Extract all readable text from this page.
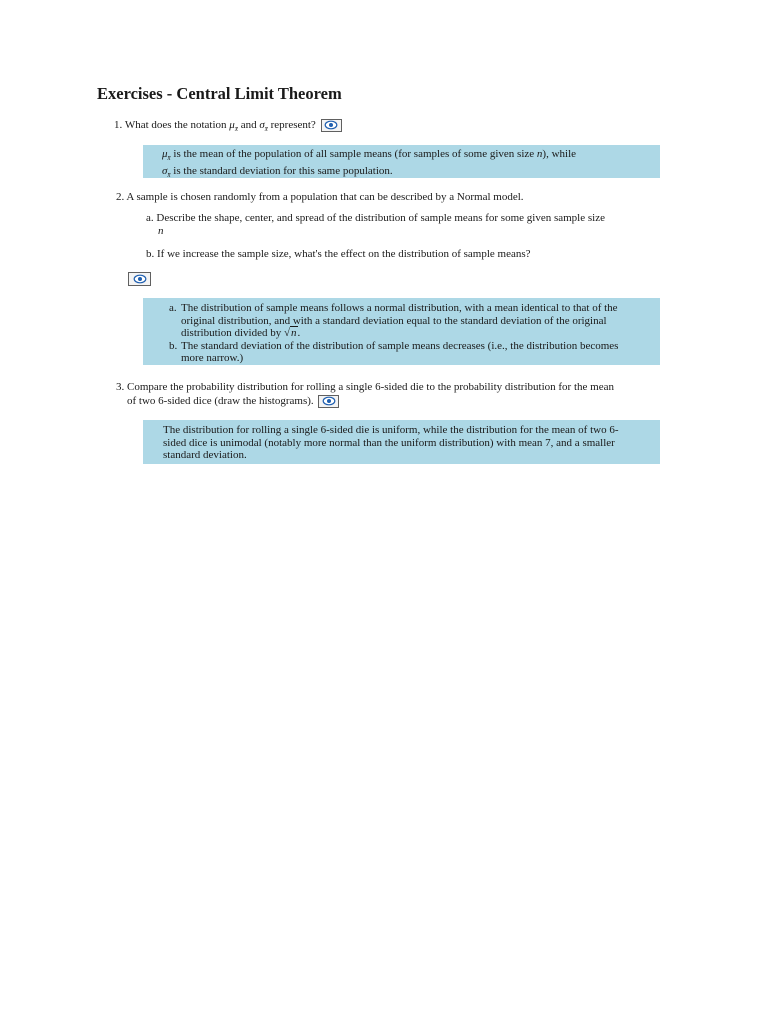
Exercises - Central Limit Theorem
1. What does the notation $\mu_{x̄}$ and $\sigma_{x̄}$ represent?

$\mu_{x̄}$ is the mean of the population of all sample means (for samples of some given size n), while

$\sigma_{x̄}$ is the standard deviation for this same population.

2. A sample is chosen randomly from a population that can be described by a Normal model.
a. Describe the shape, center, and spread of the distribution of sample means for some given sample size
n
b. If we increase the sample size, what's the effect on the distribution of sample means?
a. The distribution of sample means follows a normal distribution, with a mean identical to that of the original distribution, and with a standard deviation equal to the standard deviation of the original distribution divided by √n.
b. The standard deviation of the distribution of sample means decreases (i.e., the distribution becomes more narrow.)
3. Compare the probability distribution for rolling a single 6-sided die to the probability distribution for the mean
of two 6-sided dice (draw the histograms).

The distribution for rolling a single 6-sided die is uniform, while the distribution for the mean of two 6-sided dice is unimodal (notably more normal than the uniform distribution) with mean 7, and a smaller standard deviation.
